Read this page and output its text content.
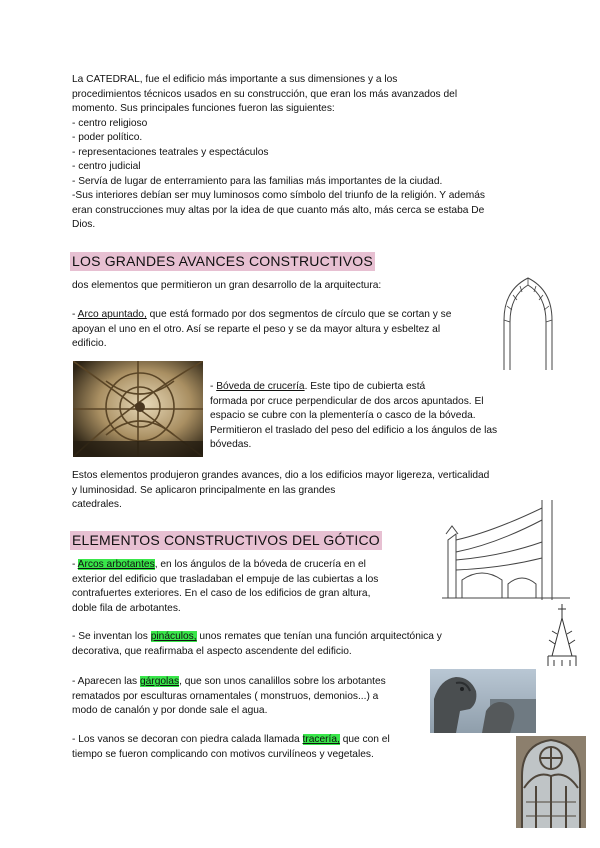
La CATEDRAL, fue el edificio más importante a sus dimensiones y a los
procedimientos técnicos usados en su construcción, que eran los más avanzados del
momento. Sus principales funciones fueron las siguientes:
- centro religioso
- poder político.
- representaciones teatrales y espectáculos
- centro judicial
- Servía de lugar de enterramiento para las familias más importantes de la ciudad.
-Sus interiores debían ser muy luminosos como símbolo del triunfo de la religión. Y además
eran construcciones muy altas por la idea de que cuanto más alto, más cerca se estaba De
Dios.
LOS GRANDES AVANCES CONSTRUCTIVOS
dos elementos que permitieron un gran desarrollo de la arquitectura:
- Arco apuntado, que está formado por dos segmentos de círculo que se cortan y se
apoyan el uno en el otro. Así se reparte el peso y se da mayor altura y esbeltez al
edificio.
- Bóveda de crucería. Este tipo de cubierta está
formada por cruce perpendicular de dos arcos apuntados. El
espacio se cubre con la plementería o casco de la bóveda.
Permitieron el traslado del peso del edificio a los ángulos de las
bóvedas.
Estos elementos produjeron grandes avances, dio a los edificios mayor ligereza, verticalidad
y luminosidad. Se aplicaron principalmente en las grandes
catedrales.
ELEMENTOS CONSTRUCTIVOS DEL GÓTICO
- Arcos arbotantes, en los ángulos de la bóveda de crucería en el
exterior del edificio que trasladaban el empuje de las cubiertas a los
contrafuertes exteriores. En el caso de los edificios de gran altura,
doble fila de arbotantes.
- Se inventan los pináculos, unos remates que tenían una función arquitectónica y
decorativa, que reafirmaba el aspecto ascendente del edificio.
- Aparecen las gárgolas, que son unos canalillos sobre los arbotantes
rematados por esculturas ornamentales ( monstruos, demonios...) a
modo de canalón y por donde sale el agua.
- Los vanos se decoran con piedra calada llamada tracería, que con el
tiempo se fueron complicando con motivos curvilíneos y vegetales.
